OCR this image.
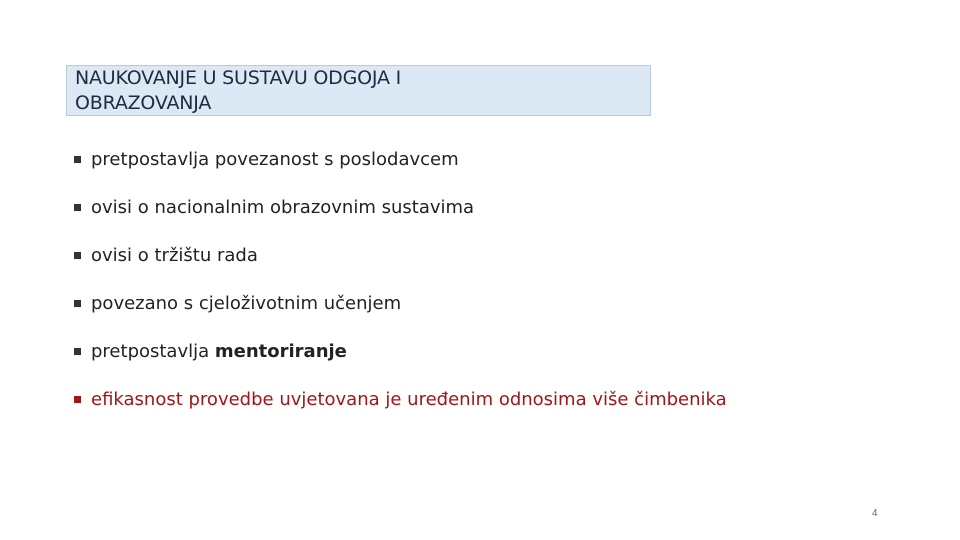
NAUKOVANJE U SUSTAVU ODGOJA I
OBRAZOVANJA

pretpostavlja povezanost s poslodavcem
ovisi o nacionalnim obrazovnim sustavima
ovisi o tržištu rada
povezano s cjeloživotnim učenjem
pretpostavlja mentoriranje
efikasnost provedbe uvjetovana je uređenim odnosima više čimbenika
4
